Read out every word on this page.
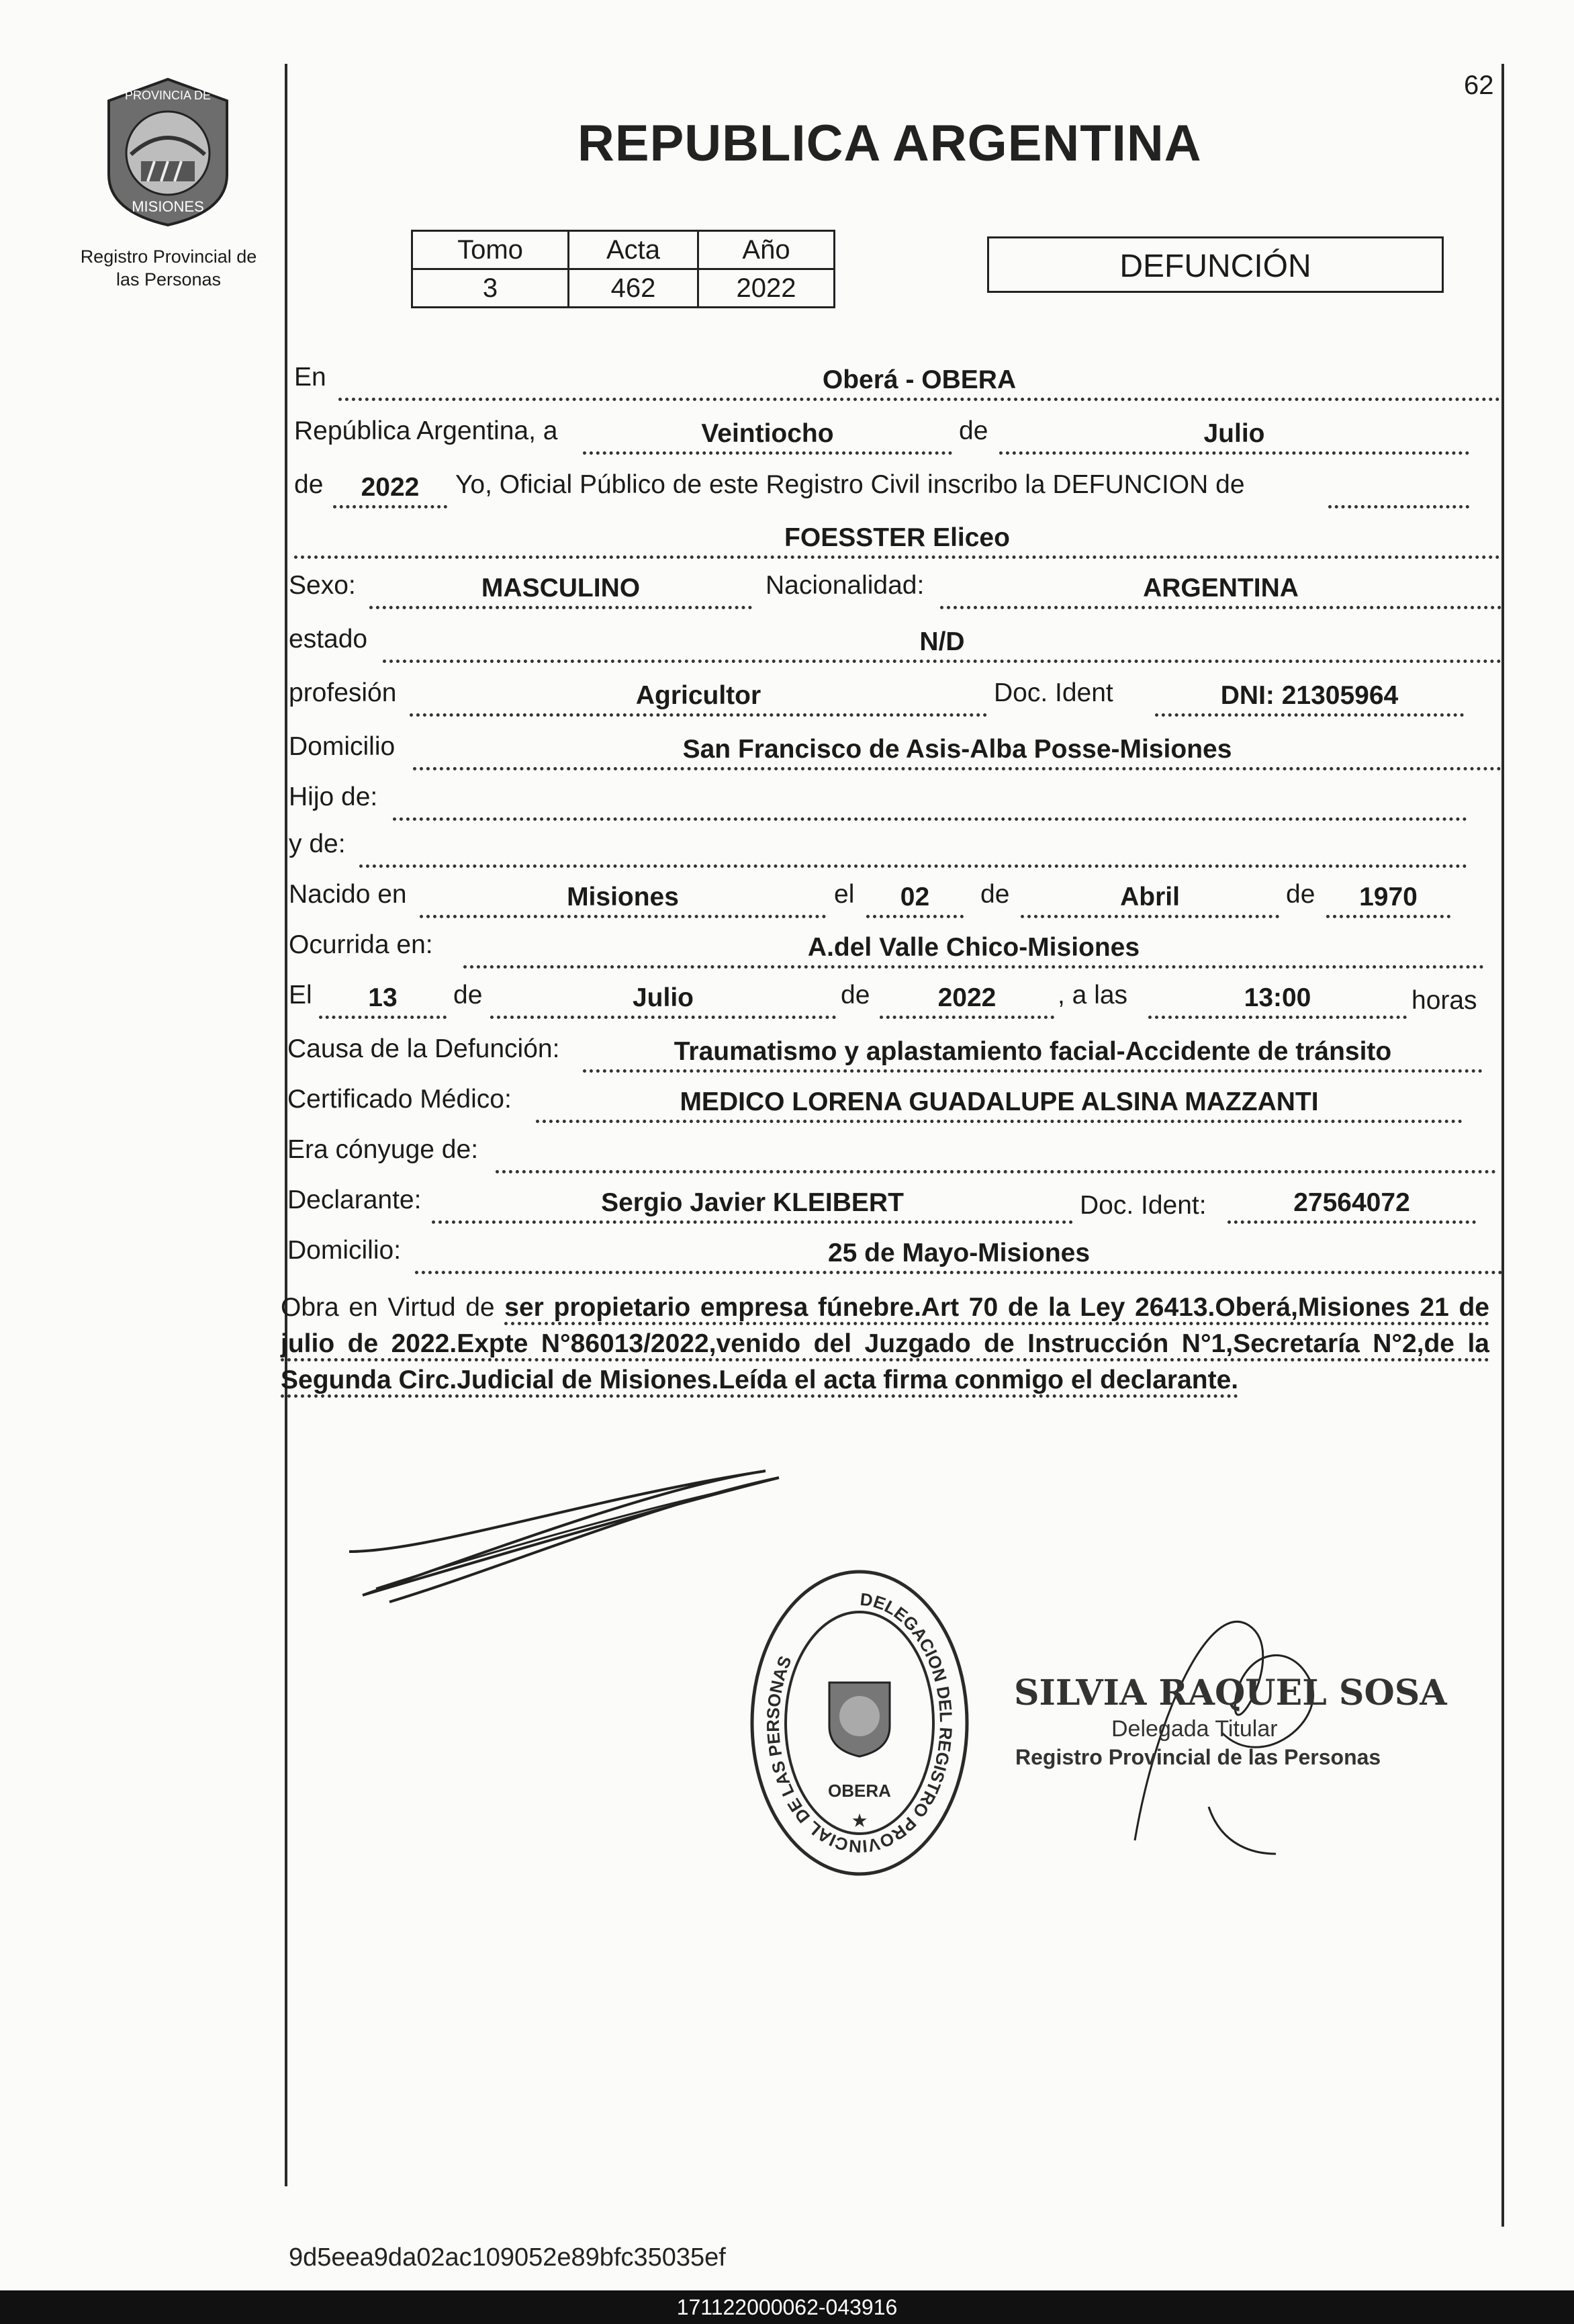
62
PROVINCIA DE
MISIONES
Registro Provincial de
las Personas
REPUBLICA ARGENTINA
Tomo	Acta	Año
3	462	2022
DEFUNCIÓN
En	Oberá - OBERA
República Argentina, a	Veintiocho	de	Julio
de	2022	Yo, Oficial Público de este Registro Civil inscribo la DEFUNCION de
FOESSTER Eliceo
Sexo:	MASCULINO	Nacionalidad:	ARGENTINA
estado	N/D
profesión	Agricultor	Doc. Ident	DNI: 21305964
Domicilio	San Francisco de Asis-Alba Posse-Misiones
Hijo de:
y de:
Nacido en	Misiones	el	02	de	Abril	de	1970
Ocurrida en:	A.del Valle Chico-Misiones
El	13	de	Julio	de	2022	, a las	13:00	horas
Causa de la Defunción:	Traumatismo y aplastamiento facial-Accidente de tránsito
Certificado Médico:	MEDICO LORENA GUADALUPE ALSINA MAZZANTI
Era cónyuge de:
Declarante:	Sergio Javier KLEIBERT	Doc. Ident:	27564072
Domicilio:	25 de Mayo-Misiones
Obra en Virtud de ser propietario empresa fúnebre.Art 70 de la Ley 26413.Oberá,Misiones 21 de julio de 2022.Expte N°86013/2022,venido del Juzgado de Instrucción N°1,Secretaría N°2,de la Segunda Circ.Judicial de Misiones.Leída el acta firma conmigo el declarante.
DELEGACION DEL REGISTRO PROVINCIAL DE LAS PERSONAS
OBERA
★
SILVIA RAQUEL SOSA
Delegada Titular
Registro Provincial de las Personas
9d5eea9da02ac109052e89bfc35035ef
171122000062-043916
